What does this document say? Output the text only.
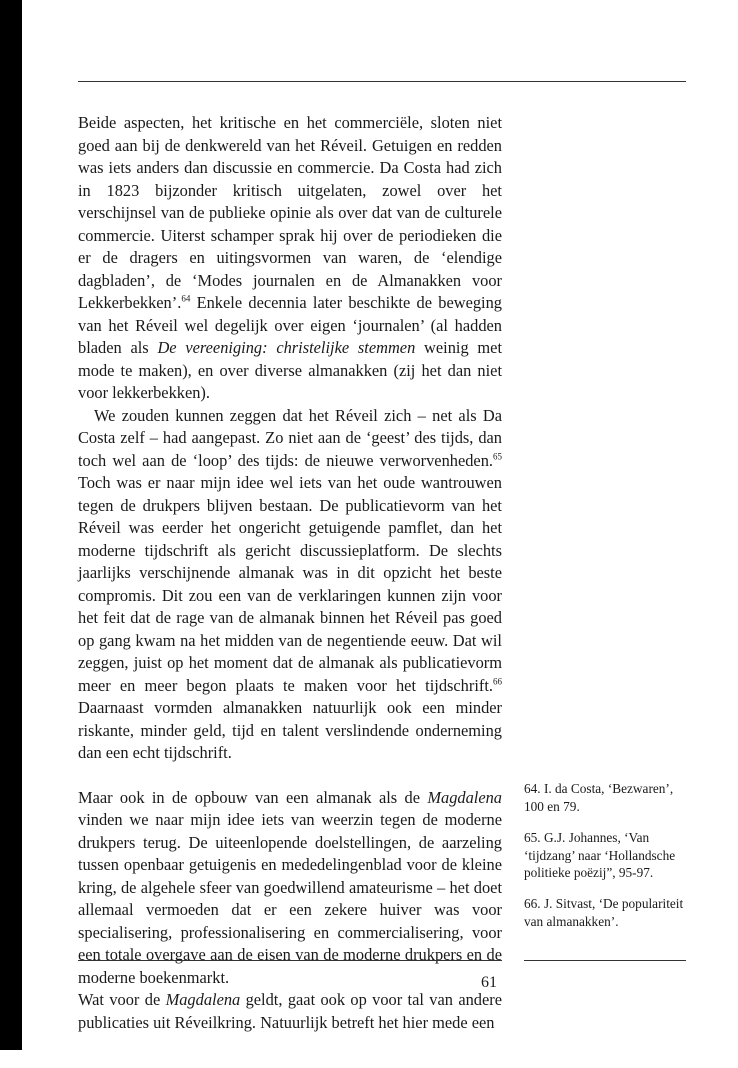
Beide aspecten, het kritische en het commerciële, sloten niet goed aan bij de denkwereld van het Réveil. Getuigen en redden was iets anders dan discussie en commercie. Da Costa had zich in 1823 bijzonder kritisch uitgelaten, zowel over het verschijnsel van de publieke opinie als over dat van de culturele commercie. Uiterst schamper sprak hij over de periodieken die er de dragers en uitingsvormen van waren, de ‘elendige dagbladen’, de ‘Modes journalen en de Almanakken voor Lekkerbekken’.$^{64}$ Enkele decennia later beschikte de beweging van het Réveil wel degelijk over eigen ‘journalen’ (al hadden bladen als De vereeniging: christelijke stemmen weinig met mode te maken), en over diverse almanakken (zij het dan niet voor lekkerbekken).

We zouden kunnen zeggen dat het Réveil zich – net als Da Costa zelf – had aangepast. Zo niet aan de ‘geest’ des tijds, dan toch wel aan de ‘loop’ des tijds: de nieuwe verworvenheden.$^{65}$ Toch was er naar mijn idee wel iets van het oude wantrouwen tegen de drukpers blijven bestaan. De publicatievorm van het Réveil was eerder het ongericht getuigende pamflet, dan het moderne tijdschrift als gericht discussieplatform. De slechts jaarlijks verschijnende almanak was in dit opzicht het beste compromis. Dit zou een van de verklaringen kunnen zijn voor het feit dat de rage van de almanak binnen het Réveil pas goed op gang kwam na het midden van de negentiende eeuw. Dat wil zeggen, juist op het moment dat de almanak als publicatievorm meer en meer begon plaats te maken voor het tijdschrift.$^{66}$ Daarnaast vormden almanakken natuurlijk ook een minder riskante, minder geld, tijd en talent verslindende onderneming dan een echt tijdschrift.

Maar ook in de opbouw van een almanak als de Magdalena vinden we naar mijn idee iets van weerzin tegen de moderne drukpers terug. De uiteenlopende doelstellingen, de aarzeling tussen openbaar getuigenis en mededelingenblad voor de kleine kring, de algehele sfeer van goedwillend amateurisme – het doet allemaal vermoeden dat er een zekere huiver was voor specialisering, professionalisering en commercialisering, voor een totale overgave aan de eisen van de moderne drukpers en de moderne boekenmarkt.

Wat voor de Magdalena geldt, gaat ook op voor tal van andere publicaties uit Réveilkring. Natuurlijk betreft het hier mede een

64. I. da Costa, ‘Bezwaren’, 100 en 79.
65. G.J. Johannes, ‘Van ‘tijdzang’ naar ‘Hollandsche politieke poëzij”, 95-97.
66. J. Sitvast, ‘De populariteit van almanakken’.
61
